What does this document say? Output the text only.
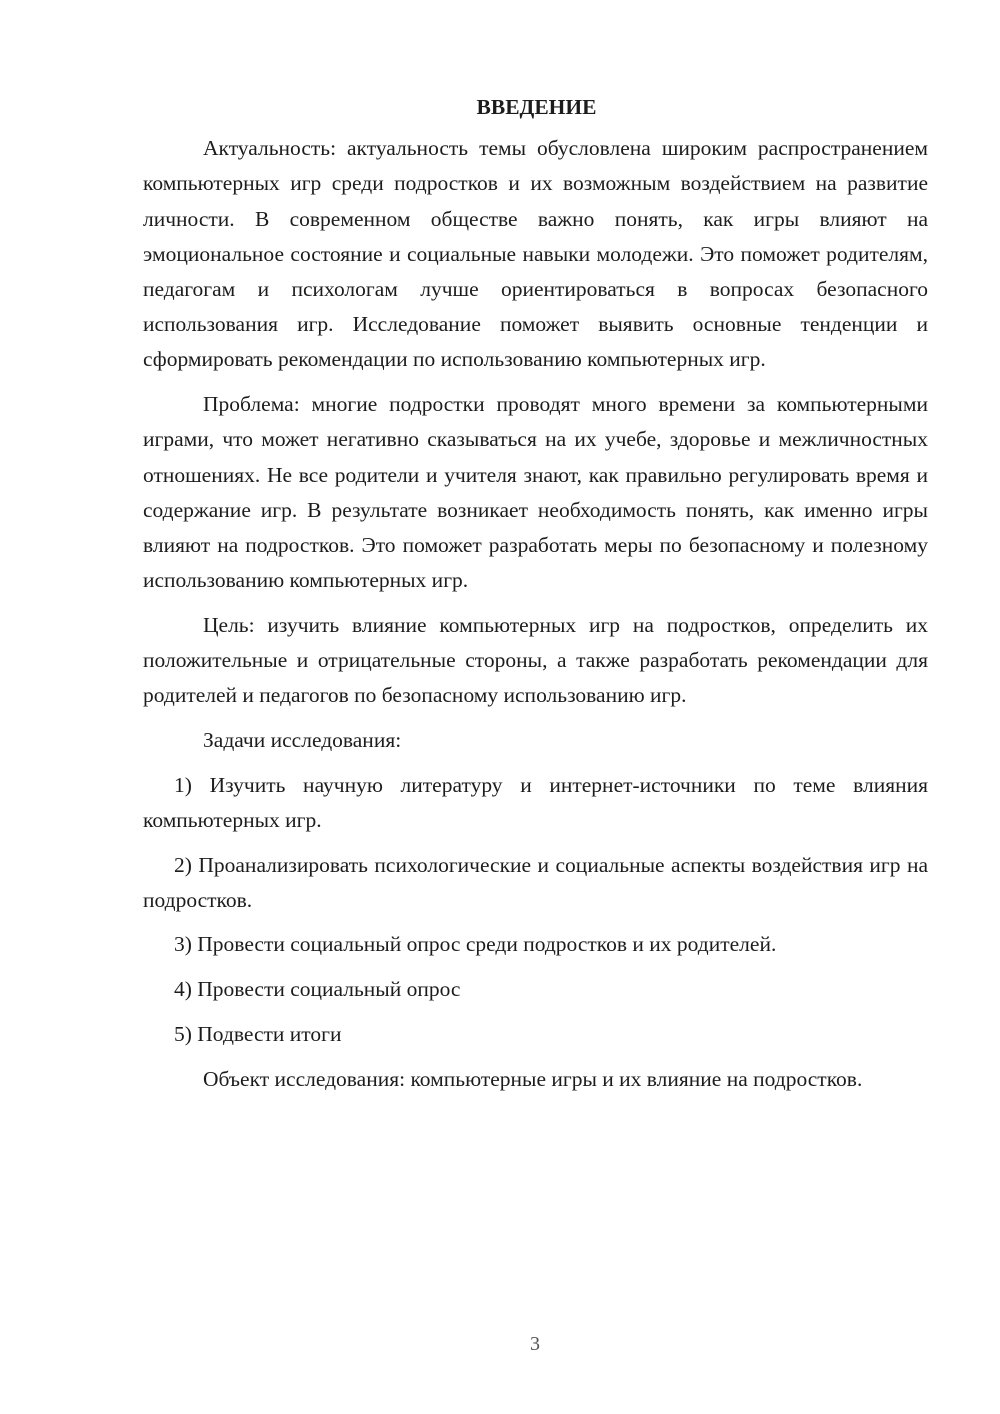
ВВЕДЕНИЕ

Актуальность: актуальность темы обусловлена широким распространением компьютерных игр среди подростков и их возможным воздействием на развитие личности. В современном обществе важно понять, как игры влияют на эмоциональное состояние и социальные навыки молодежи. Это поможет родителям, педагогам и психологам лучше ориентироваться в вопросах безопасного использования игр. Исследование поможет выявить основные тенденции и сформировать рекомендации по использованию компьютерных игр.

Проблема: многие подростки проводят много времени за компьютерными играми, что может негативно сказываться на их учебе, здоровье и межличностных отношениях. Не все родители и учителя знают, как правильно регулировать время и содержание игр. В результате возникает необходимость понять, как именно игры влияют на подростков. Это поможет разработать меры по безопасному и полезному использованию компьютерных игр.

Цель: изучить влияние компьютерных игр на подростков, определить их положительные и отрицательные стороны, а также разработать рекомендации для родителей и педагогов по безопасному использованию игр.

Задачи исследования:

1) Изучить научную литературу и интернет-источники по теме влияния компьютерных игр.

2) Проанализировать психологические и социальные аспекты воздействия игр на подростков.

3) Провести социальный опрос среди подростков и их родителей.

4) Провести социальный опрос

5) Подвести итоги

Объект исследования: компьютерные игры и их влияние на подростков.

3
